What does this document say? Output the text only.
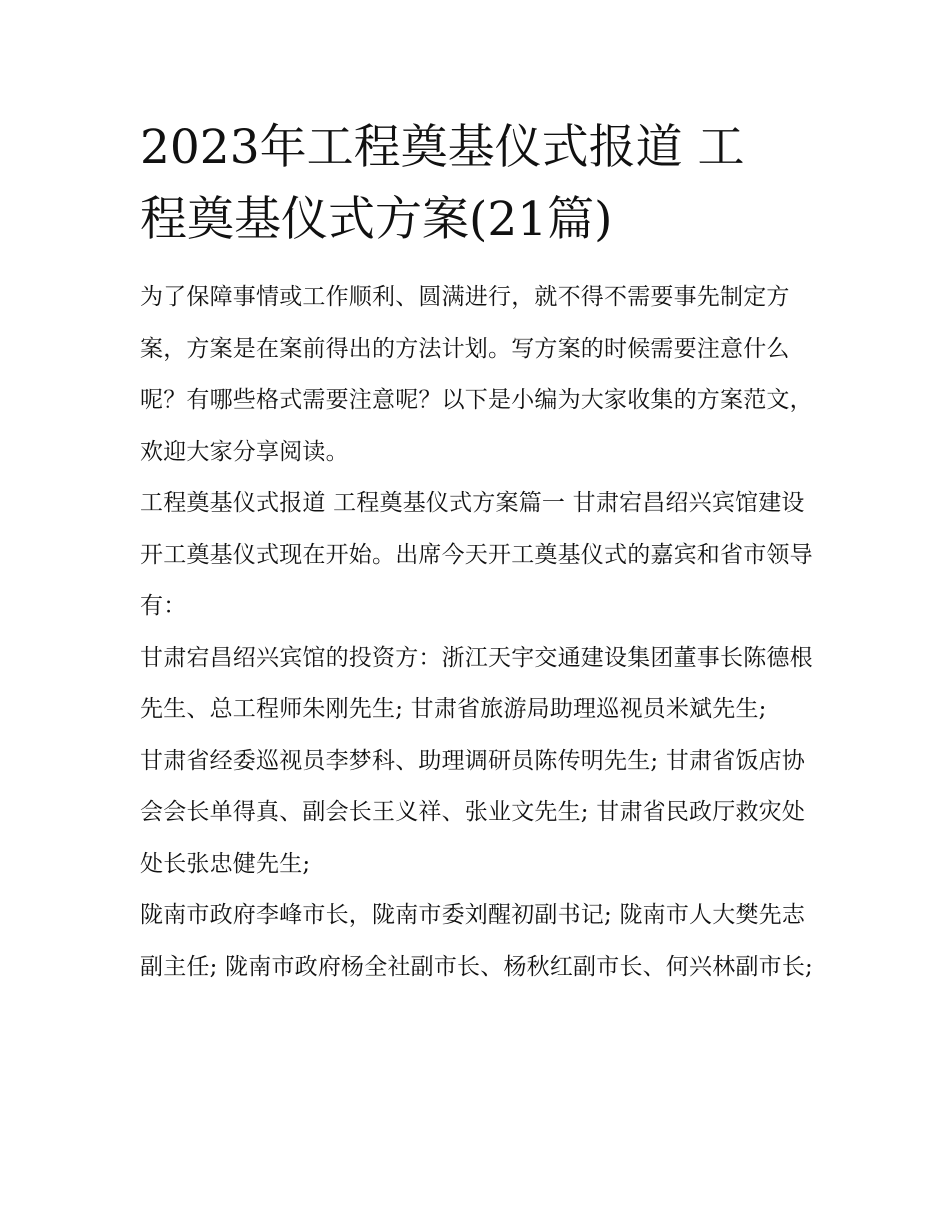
2023年工程奠基仪式报道 工
程奠基仪式方案(21篇)

为了保障事情或工作顺利、圆满进行，就不得不需要事先制定方案，方案是在案前得出的方法计划。写方案的时候需要注意什么呢？有哪些格式需要注意呢？以下是小编为大家收集的方案范文，欢迎大家分享阅读。

工程奠基仪式报道 工程奠基仪式方案篇一 甘肃宕昌绍兴宾馆建设开工奠基仪式现在开始。出席今天开工奠基仪式的嘉宾和省市领导有：

甘肃宕昌绍兴宾馆的投资方：浙江天宇交通建设集团董事长陈德根先生、总工程师朱刚先生; 甘肃省旅游局助理巡视员米斌先生;

甘肃省经委巡视员李梦科、助理调研员陈传明先生; 甘肃省饭店协会会长单得真、副会长王义祥、张业文先生; 甘肃省民政厅救灾处处长张忠健先生;

陇南市政府李峰市长，陇南市委刘醒初副书记; 陇南市人大樊先志副主任; 陇南市政府杨全社副市长、杨秋红副市长、何兴林副市长;
